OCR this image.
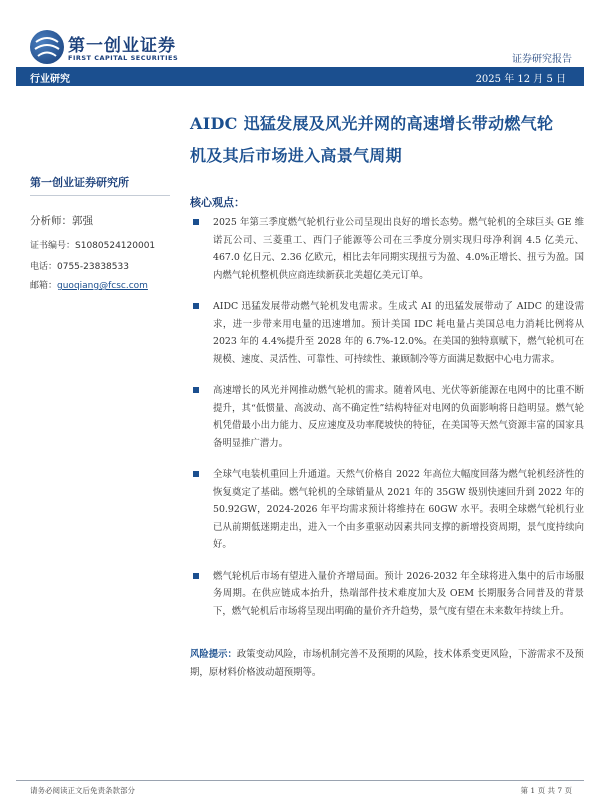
第一创业证券
FIRST CAPITAL SECURITIES	证券研究报告
行业研究	2025 年 12 月 5 日
AIDC 迅猛发展及风光并网的高速增长带动燃气轮
机及其后市场进入高景气周期
第一创业证券研究所
分析师：郭强
证书编号：S1080524120001
电话：0755-23838533
邮箱：guoqiang@fcsc.com
核心观点：
2025 年第三季度燃气轮机行业公司呈现出良好的增长态势。燃气轮机的全球巨头 GE 维诺瓦公司、三菱重工、西门子能源等公司在三季度分别实现归母净利润 4.5 亿美元、467.0 亿日元、2.36 亿欧元，相比去年同期实现扭亏为盈、4.0%正增长、扭亏为盈。国内燃气轮机整机供应商连续新获北美超亿美元订单。
AIDC 迅猛发展带动燃气轮机发电需求。生成式 AI 的迅猛发展带动了 AIDC 的建设需求，进一步带来用电量的迅速增加。预计美国 IDC 耗电量占美国总电力消耗比例将从 2023 年的 4.4%提升至 2028 年的 6.7%-12.0%。在美国的独特禀赋下，燃气轮机可在规模、速度、灵活性、可靠性、可持续性、兼顾制冷等方面满足数据中心电力需求。
高速增长的风光并网推动燃气轮机的需求。随着风电、光伏等新能源在电网中的比重不断提升，其“低惯量、高波动、高不确定性”结构特征对电网的负面影响将日趋明显。燃气轮机凭借最小出力能力、反应速度及功率爬坡快的特征，在美国等天然气资源丰富的国家具备明显推广潜力。
全球气电装机重回上升通道。天然气价格自 2022 年高位大幅度回落为燃气轮机经济性的恢复奠定了基础。燃气轮机的全球销量从 2021 年的 35GW 级别快速回升到 2022 年的 50.92GW，2024-2026 年平均需求预计将维持在 60GW 水平。表明全球燃气轮机行业已从前期低迷期走出，进入一个由多重驱动因素共同支撑的新增投资周期，景气度持续向好。
燃气轮机后市场有望进入量价齐增局面。预计 2026-2032 年全球将进入集中的后市场服务周期。在供应链成本抬升，热端部件技术难度加大及 OEM 长期服务合同普及的背景下，燃气轮机后市场将呈现出明确的量价齐升趋势，景气度有望在未来数年持续上升。
风险提示：政策变动风险，市场机制完善不及预期的风险，技术体系变更风险，下游需求不及预期，原材料价格波动超预期等。
请务必阅读正文后免责条款部分	第 1 页 共 7 页
